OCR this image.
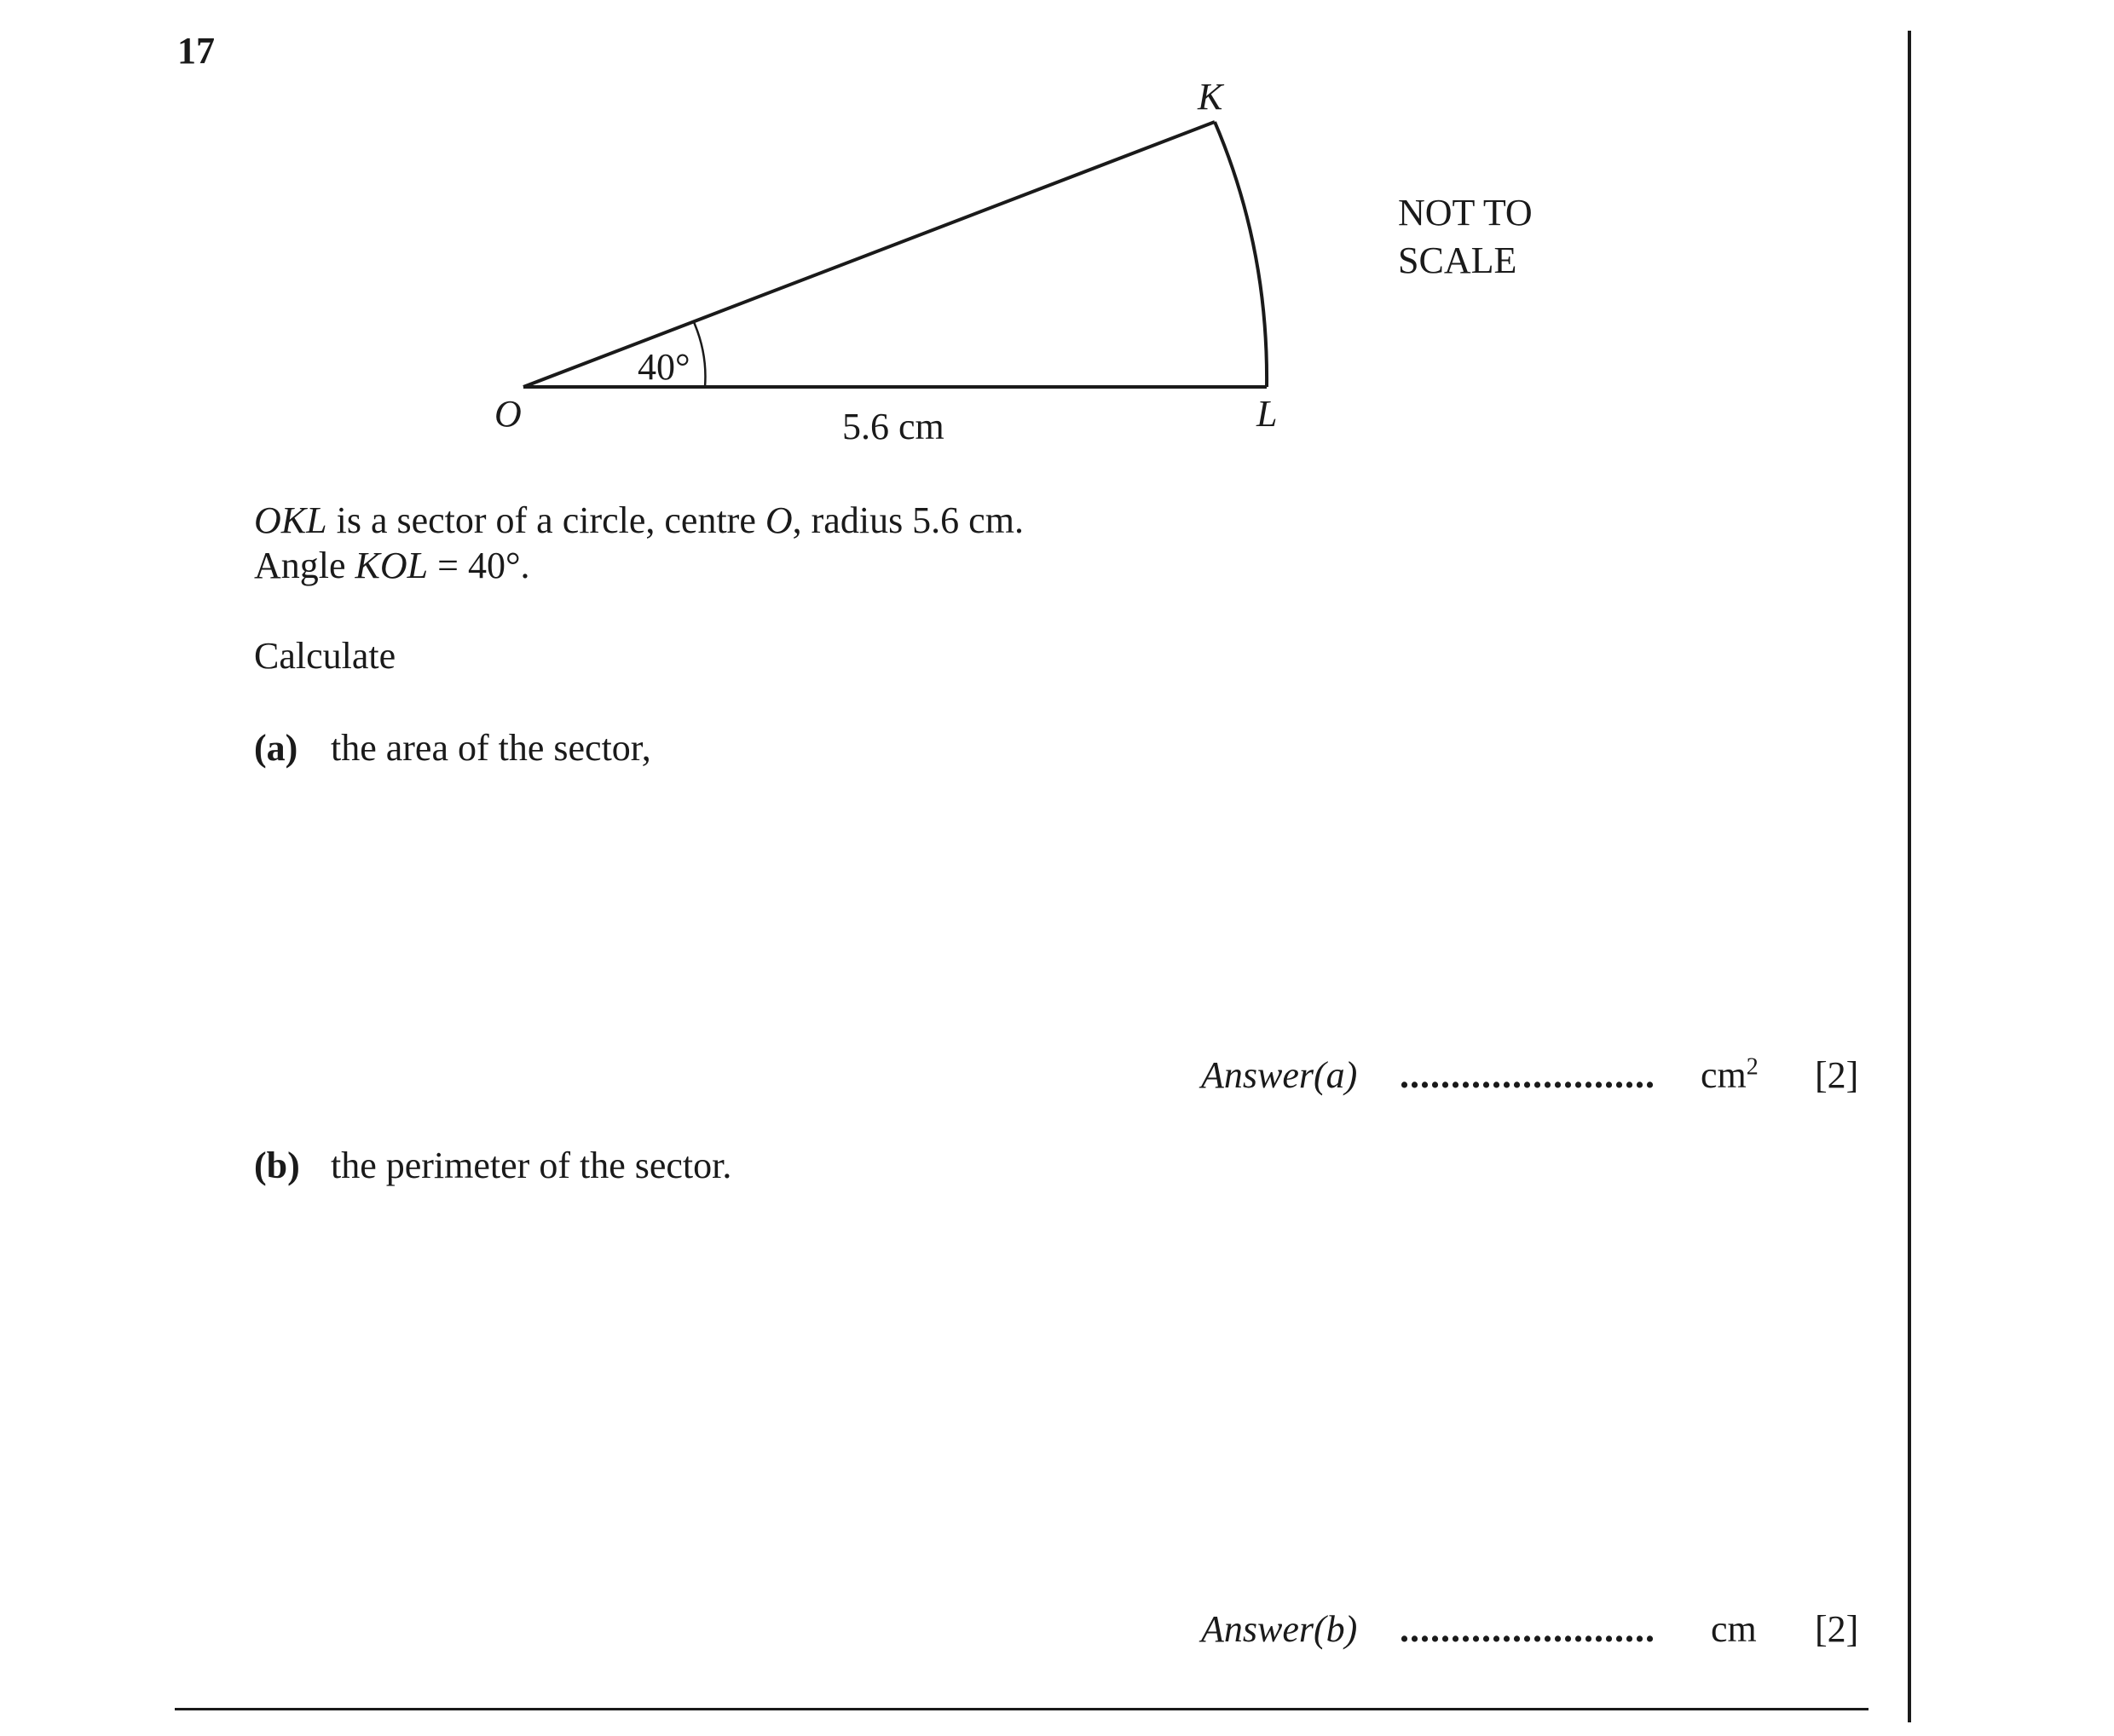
17
K
O	L
40°
5.6 cm
NOT TO
SCALE
OKL is a sector of a circle, centre O, radius 5.6 cm.
Angle KOL = 40°.
Calculate
(a) the area of the sector,
Answer(a) ......................... $cm^2$ [2]
(b) the perimeter of the sector.
Answer(b) ......................... cm [2]
